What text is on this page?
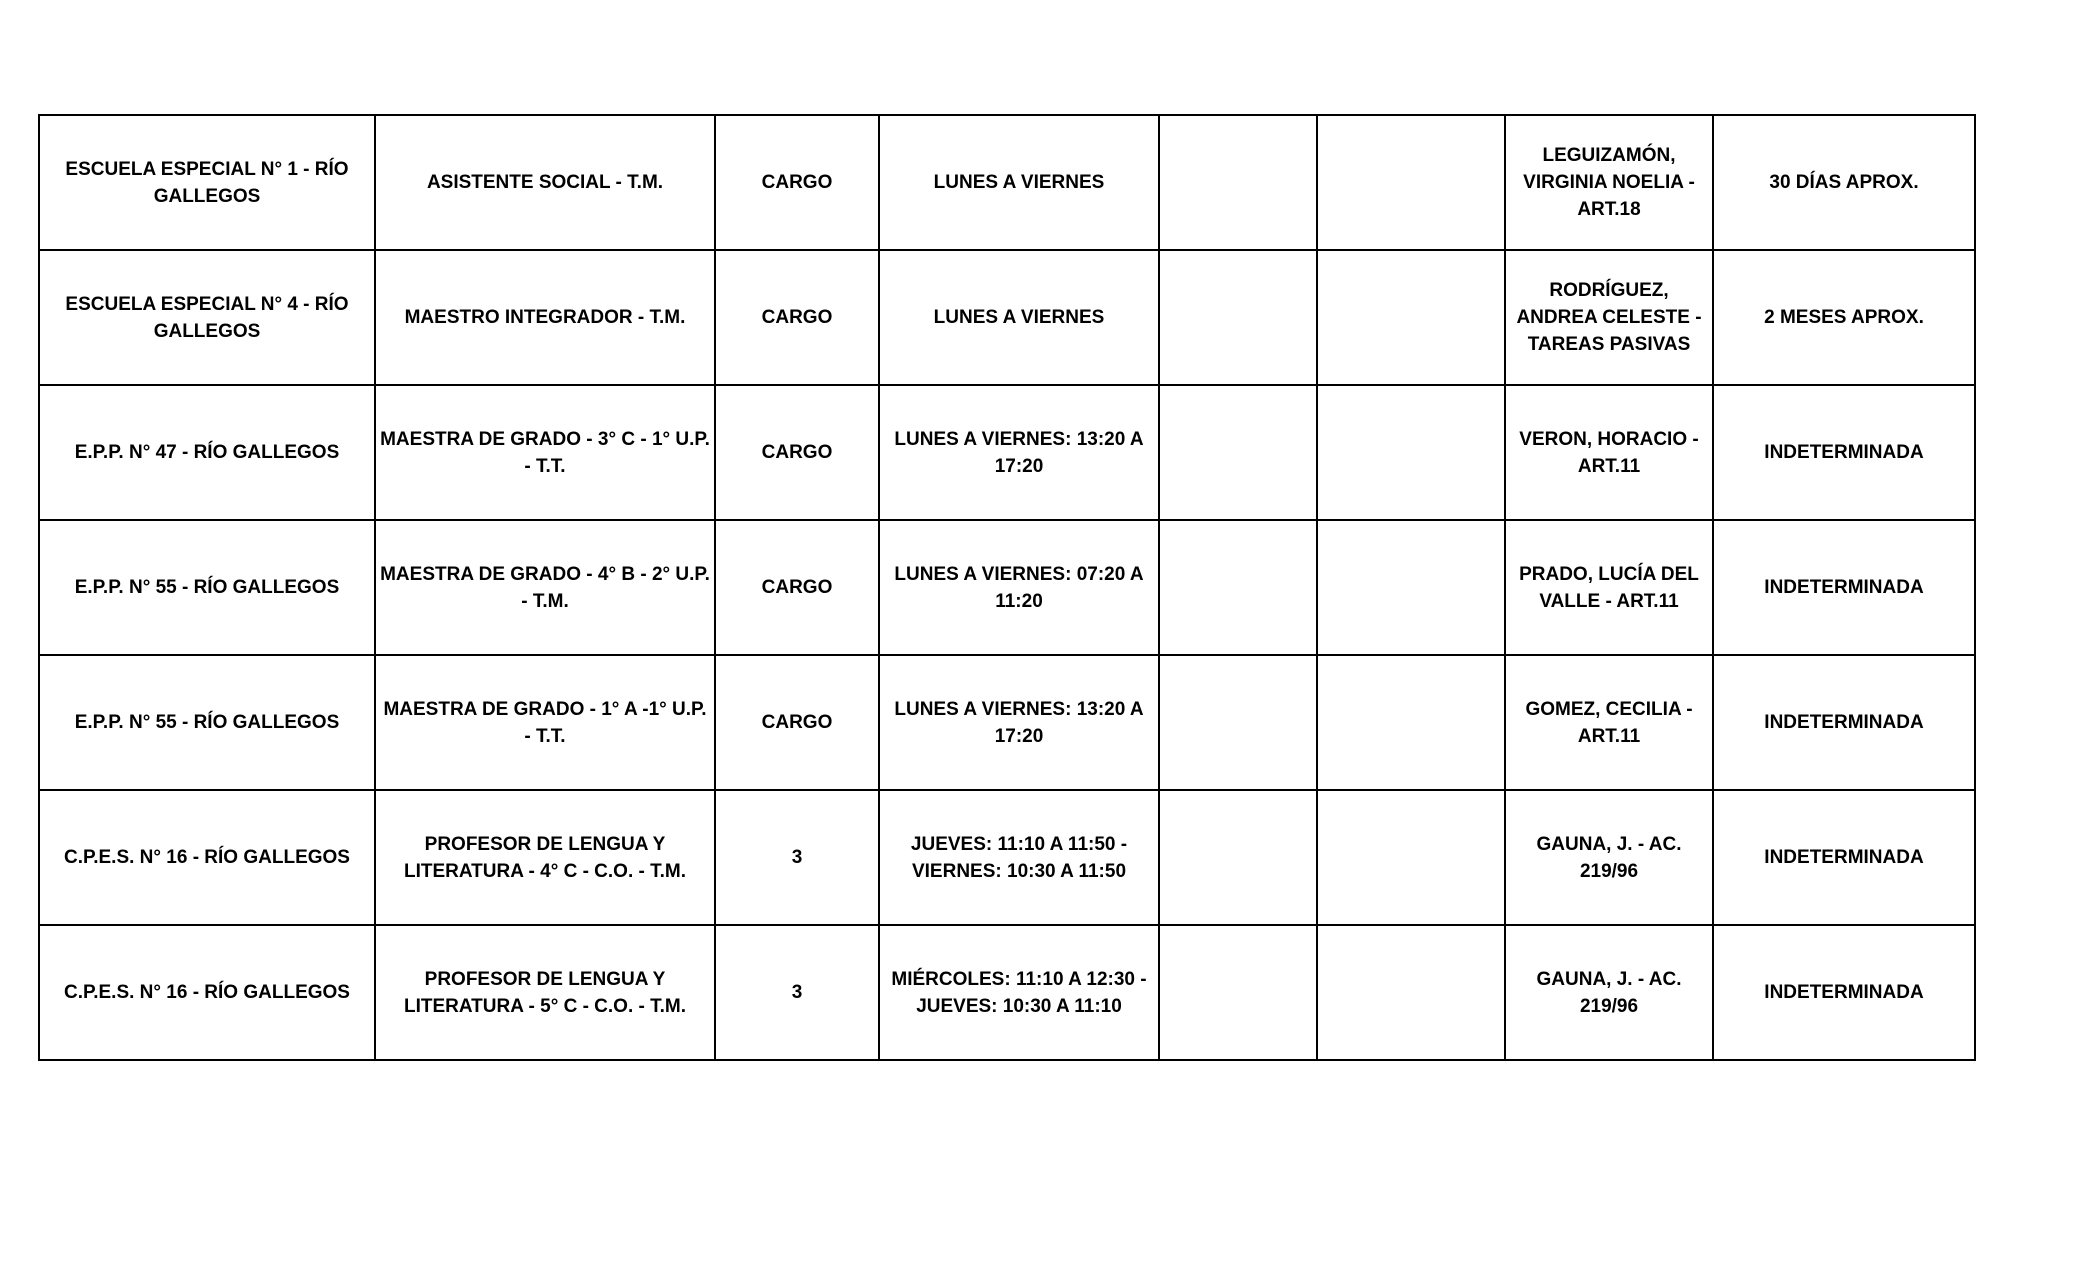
ESCUELA ESPECIAL N° 1 - RÍO GALLEGOS	ASISTENTE SOCIAL - T.M.	CARGO	LUNES A VIERNES			LEGUIZAMÓN, VIRGINIA NOELIA - ART.18	30 DÍAS APROX.
ESCUELA ESPECIAL N° 4 - RÍO GALLEGOS	MAESTRO INTEGRADOR - T.M.	CARGO	LUNES A VIERNES			RODRÍGUEZ, ANDREA CELESTE - TAREAS PASIVAS	2 MESES APROX.
E.P.P. N° 47 - RÍO GALLEGOS	MAESTRA DE GRADO - 3° C - 1° U.P. - T.T.	CARGO	LUNES A VIERNES: 13:20 A 17:20			VERON, HORACIO - ART.11	INDETERMINADA
E.P.P. N° 55 - RÍO GALLEGOS	MAESTRA DE GRADO - 4° B - 2° U.P. - T.M.	CARGO	LUNES A VIERNES: 07:20 A 11:20			PRADO, LUCÍA DEL VALLE - ART.11	INDETERMINADA
E.P.P. N° 55 - RÍO GALLEGOS	MAESTRA DE GRADO - 1° A -1° U.P. - T.T.	CARGO	LUNES A VIERNES: 13:20 A 17:20			GOMEZ, CECILIA - ART.11	INDETERMINADA
C.P.E.S. N° 16 - RÍO GALLEGOS	PROFESOR DE LENGUA Y LITERATURA - 4° C - C.O. - T.M.	3	JUEVES: 11:10 A 11:50 - VIERNES: 10:30 A 11:50			GAUNA, J. - AC. 219/96	INDETERMINADA
C.P.E.S. N° 16 - RÍO GALLEGOS	PROFESOR DE LENGUA Y LITERATURA - 5° C - C.O. - T.M.	3	MIÉRCOLES: 11:10 A 12:30 - JUEVES: 10:30 A 11:10			GAUNA, J. - AC. 219/96	INDETERMINADA
